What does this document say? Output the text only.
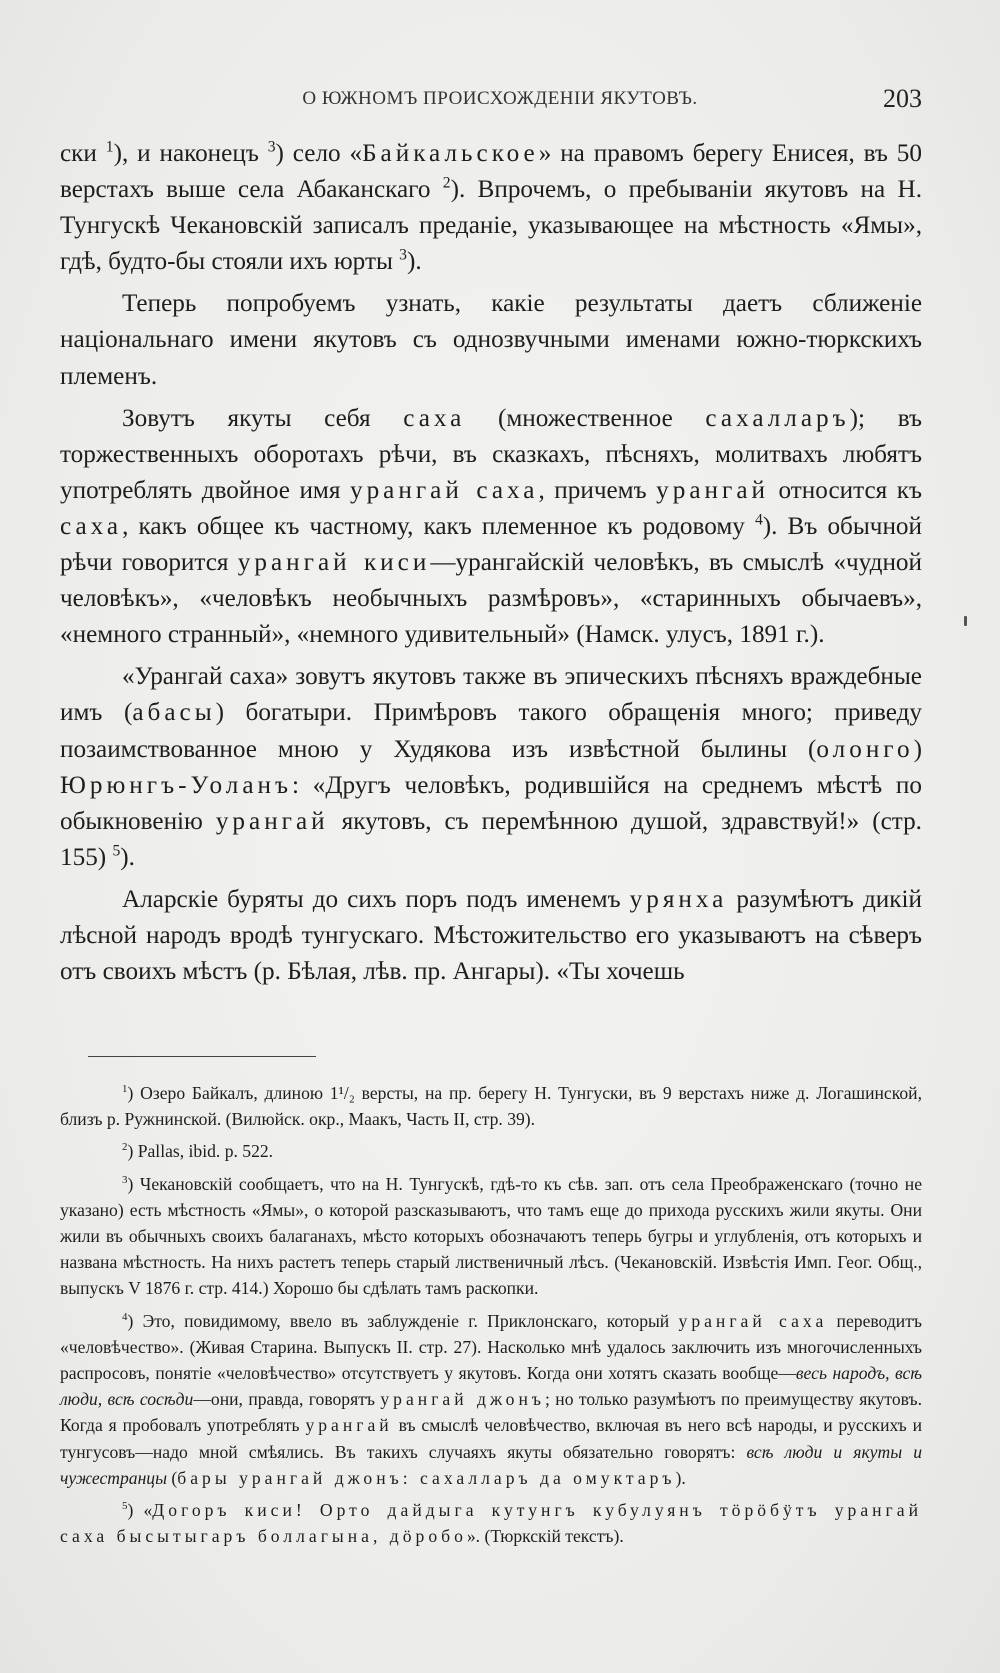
О ЮЖНОМЪ ПРОИСХОЖДЕНІИ ЯКУТОВЪ.	203

ски $^1$), и наконецъ $^3$) село «Байкальское» на правомъ берегу Енисея, въ 50 верстахъ выше села Абаканскаго $^2$). Впрочемъ, о пребываніи якутовъ на Н. Тунгускѣ Чекановскій записалъ преданіе, указывающее на мѣстность «Ямы», гдѣ, будто-бы стояли ихъ юрты $^3$).

Теперь попробуемъ узнать, какіе результаты даетъ сближеніе національнаго имени якутовъ съ однозвучными именами южно-тюркскихъ племенъ.

Зовутъ якуты себя саха (множественное сахалларъ); въ торжественныхъ оборотахъ рѣчи, въ сказкахъ, пѣсняхъ, молитвахъ любятъ употреблять двойное имя урангай саха, причемъ урангай относится къ саха, какъ общее къ частному, какъ племенное къ родовому $^4$). Въ обычной рѣчи говорится урангай киси—урангайскій человѣкъ, въ смыслѣ «чудной человѣкъ», «человѣкъ необычныхъ размѣровъ», «старинныхъ обычаевъ», «немного странный», «немного удивительный» (Намск. улусъ, 1891 г.).

«Урангай саха» зовутъ якутовъ также въ эпическихъ пѣсняхъ враждебные имъ (абасы) богатыри. Примѣровъ такого обращенія много; приведу позаимствованное мною у Худякова изъ извѣстной былины (олонго) Юрюнгъ-Уоланъ: «Другъ человѣкъ, родившійся на среднемъ мѣстѣ по обыкновенію урангай якутовъ, съ перемѣнною душой, здравствуй!» (стр. 155) $^5$).

Аларскіе буряты до сихъ поръ подъ именемъ урянха разумѣютъ дикій лѣсной народъ вродѣ тунгускаго. Мѣстожительство его указываютъ на сѣверъ отъ своихъ мѣстъ (р. Бѣлая, лѣв. пр. Ангары). «Ты хочешь

$^1$) Озеро Байкалъ, длиною 1¹/₂ версты, на пр. берегу Н. Тунгуски, въ 9 верстахъ ниже д. Логашинской, близъ р. Ружнинской. (Вилюйск. окр., Маакъ, Часть II, стр. 39).

$^2$) Pallas, ibid. p. 522.

$^3$) Чекановскій сообщаетъ, что на Н. Тунгускѣ, гдѣ-то къ сѣв. зап. отъ села Преображенскаго (точно не указано) есть мѣстность «Ямы», о которой разсказываютъ, что тамъ еще до прихода русскихъ жили якуты. Они жили въ обычныхъ своихъ балаганахъ, мѣсто которыхъ обозначаютъ теперь бугры и углубленія, отъ которыхъ и названа мѣстность. На нихъ растетъ теперь старый лиственичный лѣсъ. (Чекановскій. Извѣстія Имп. Геог. Общ., выпускъ V 1876 г. стр. 414.) Хорошо бы сдѣлать тамъ раскопки.

$^4$) Это, повидимому, ввело въ заблужденіе г. Приклонскаго, который урангай саха переводитъ «человѣчество». (Живая Старина. Выпускъ II. стр. 27). Насколько мнѣ удалось заключить изъ многочисленныхъ распросовъ, понятіе «человѣчество» отсутствуетъ у якутовъ. Когда они хотятъ сказать вообще—весь народъ, всѣ люди, всѣ сосѣди—они, правда, говорятъ урангай джонъ; но только разумѣютъ по преимуществу якутовъ. Когда я пробовалъ употреблять урангай въ смыслѣ человѣчество, включая въ него всѣ народы, и русскихъ и тунгусовъ—надо мной смѣялись. Въ такихъ случаяхъ якуты обязательно говорятъ: всѣ люди и якуты и чужестранцы (бары урангай джонъ: сахалларъ да омуктаръ).

$^5$) «Догоръ киси! Орто дайдыга кутунгъ кубулуянъ тöрöбÿтъ урангай саха бысытыгаръ боллагына, дöробо». (Тюркскій текстъ).
